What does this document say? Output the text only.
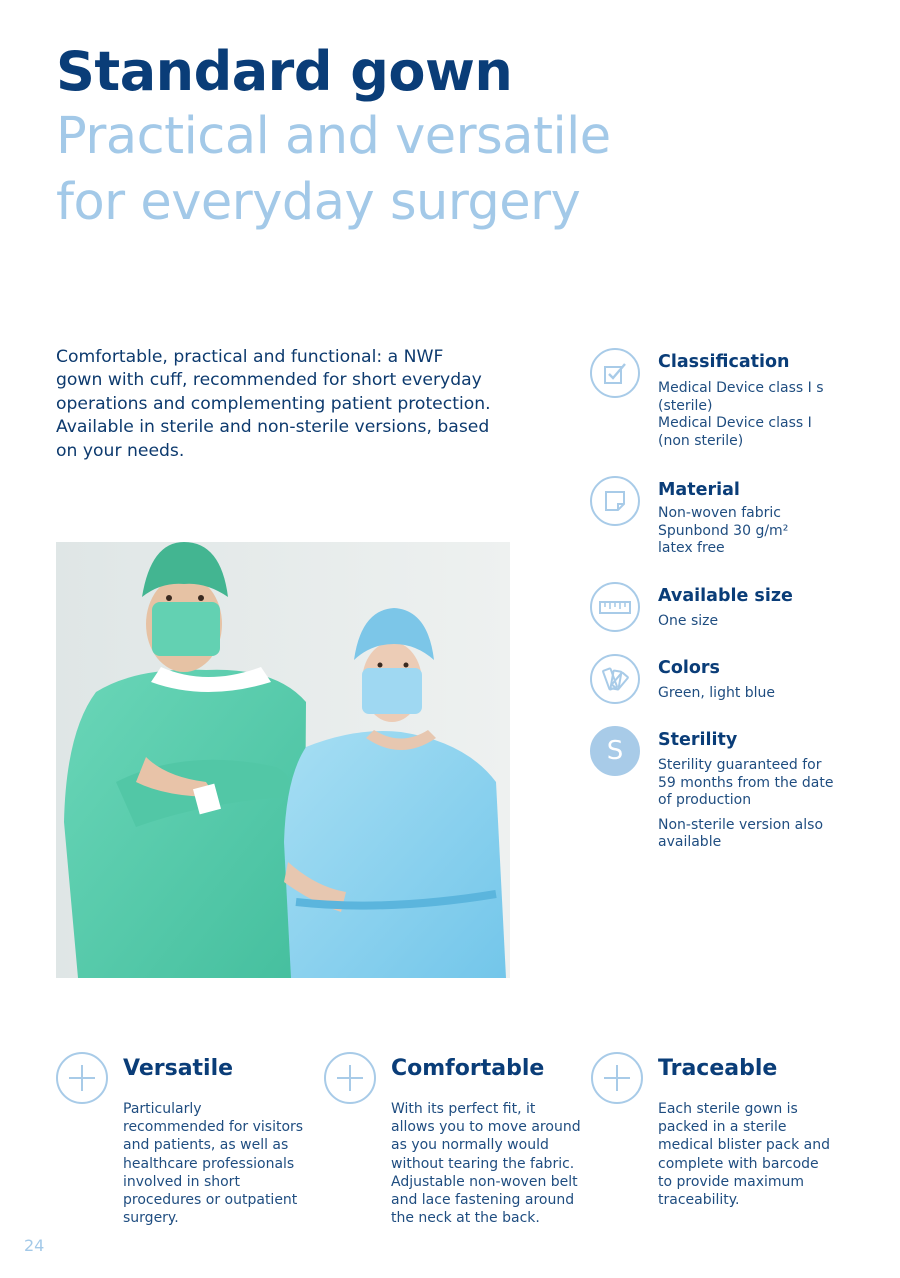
Standard gown
Practical and versatile
for everyday surgery

Comfortable, practical and functional: a NWF
gown with cuff, recommended for short everyday
operations and complementing patient protection.
Available in sterile and non-sterile versions, based
on your needs.

Classification

Medical Device class I s

(sterile)

Medical Device class I

(non sterile)

Material

Non-woven fabric

Spunbond 30 g/m²

latex free

Available size

One size

Colors

Green, light blue

S	Sterility

Sterility guaranteed for

59 months from the date

of production

Non-sterile version also

available

Versatile
Particularly
recommended for visitors
and patients, as well as
healthcare professionals
involved in short
procedures or outpatient
surgery.
Comfortable
With its perfect fit, it
allows you to move around
as you normally would
without tearing the fabric.
Adjustable non-woven belt
and lace fastening around
the neck at the back.
Traceable
Each sterile gown is
packed in a sterile
medical blister pack and
complete with barcode
to provide maximum
traceability.
24
